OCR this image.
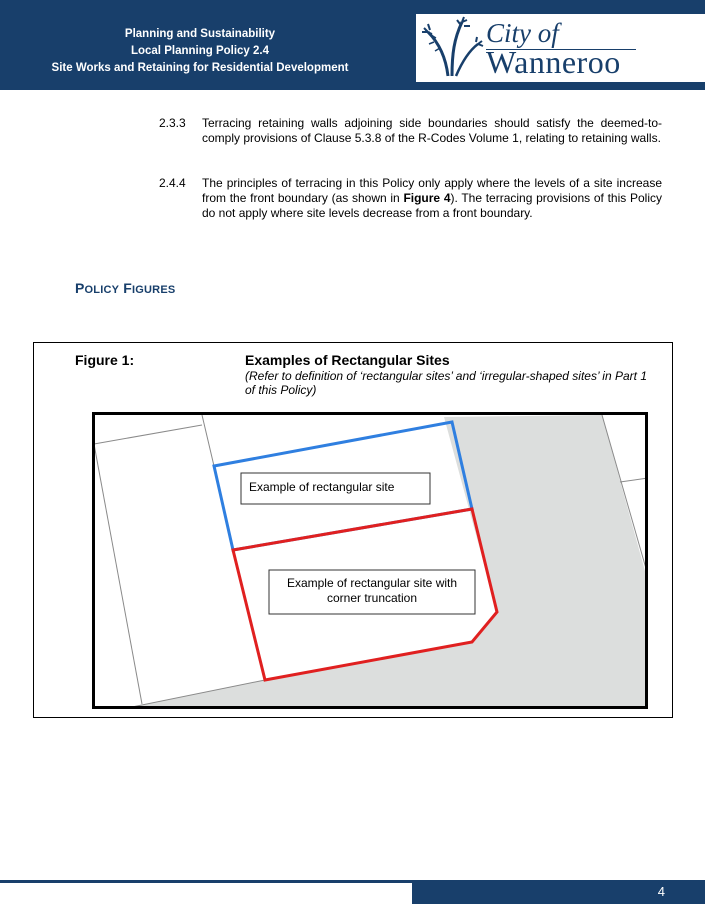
Planning and Sustainability
Local Planning Policy 2.4
Site Works and Retaining for Residential Development
City of
Wanneroo
2.3.3	Terracing retaining walls adjoining side boundaries should satisfy the deemed-to-comply provisions of Clause 5.3.8 of the R-Codes Volume 1, relating to retaining walls.
2.4.4	The principles of terracing in this Policy only apply where the levels of a site increase from the front boundary (as shown in Figure 4). The terracing provisions of this Policy do not apply where site levels decrease from a front boundary.
POLICY FIGURES
Figure 1:	Examples of Rectangular Sites
(Refer to definition of ‘rectangular sites’ and ‘irregular-shaped sites’ in Part 1 of this Policy)
Example of rectangular site
Example of rectangular site with
corner truncation
4
